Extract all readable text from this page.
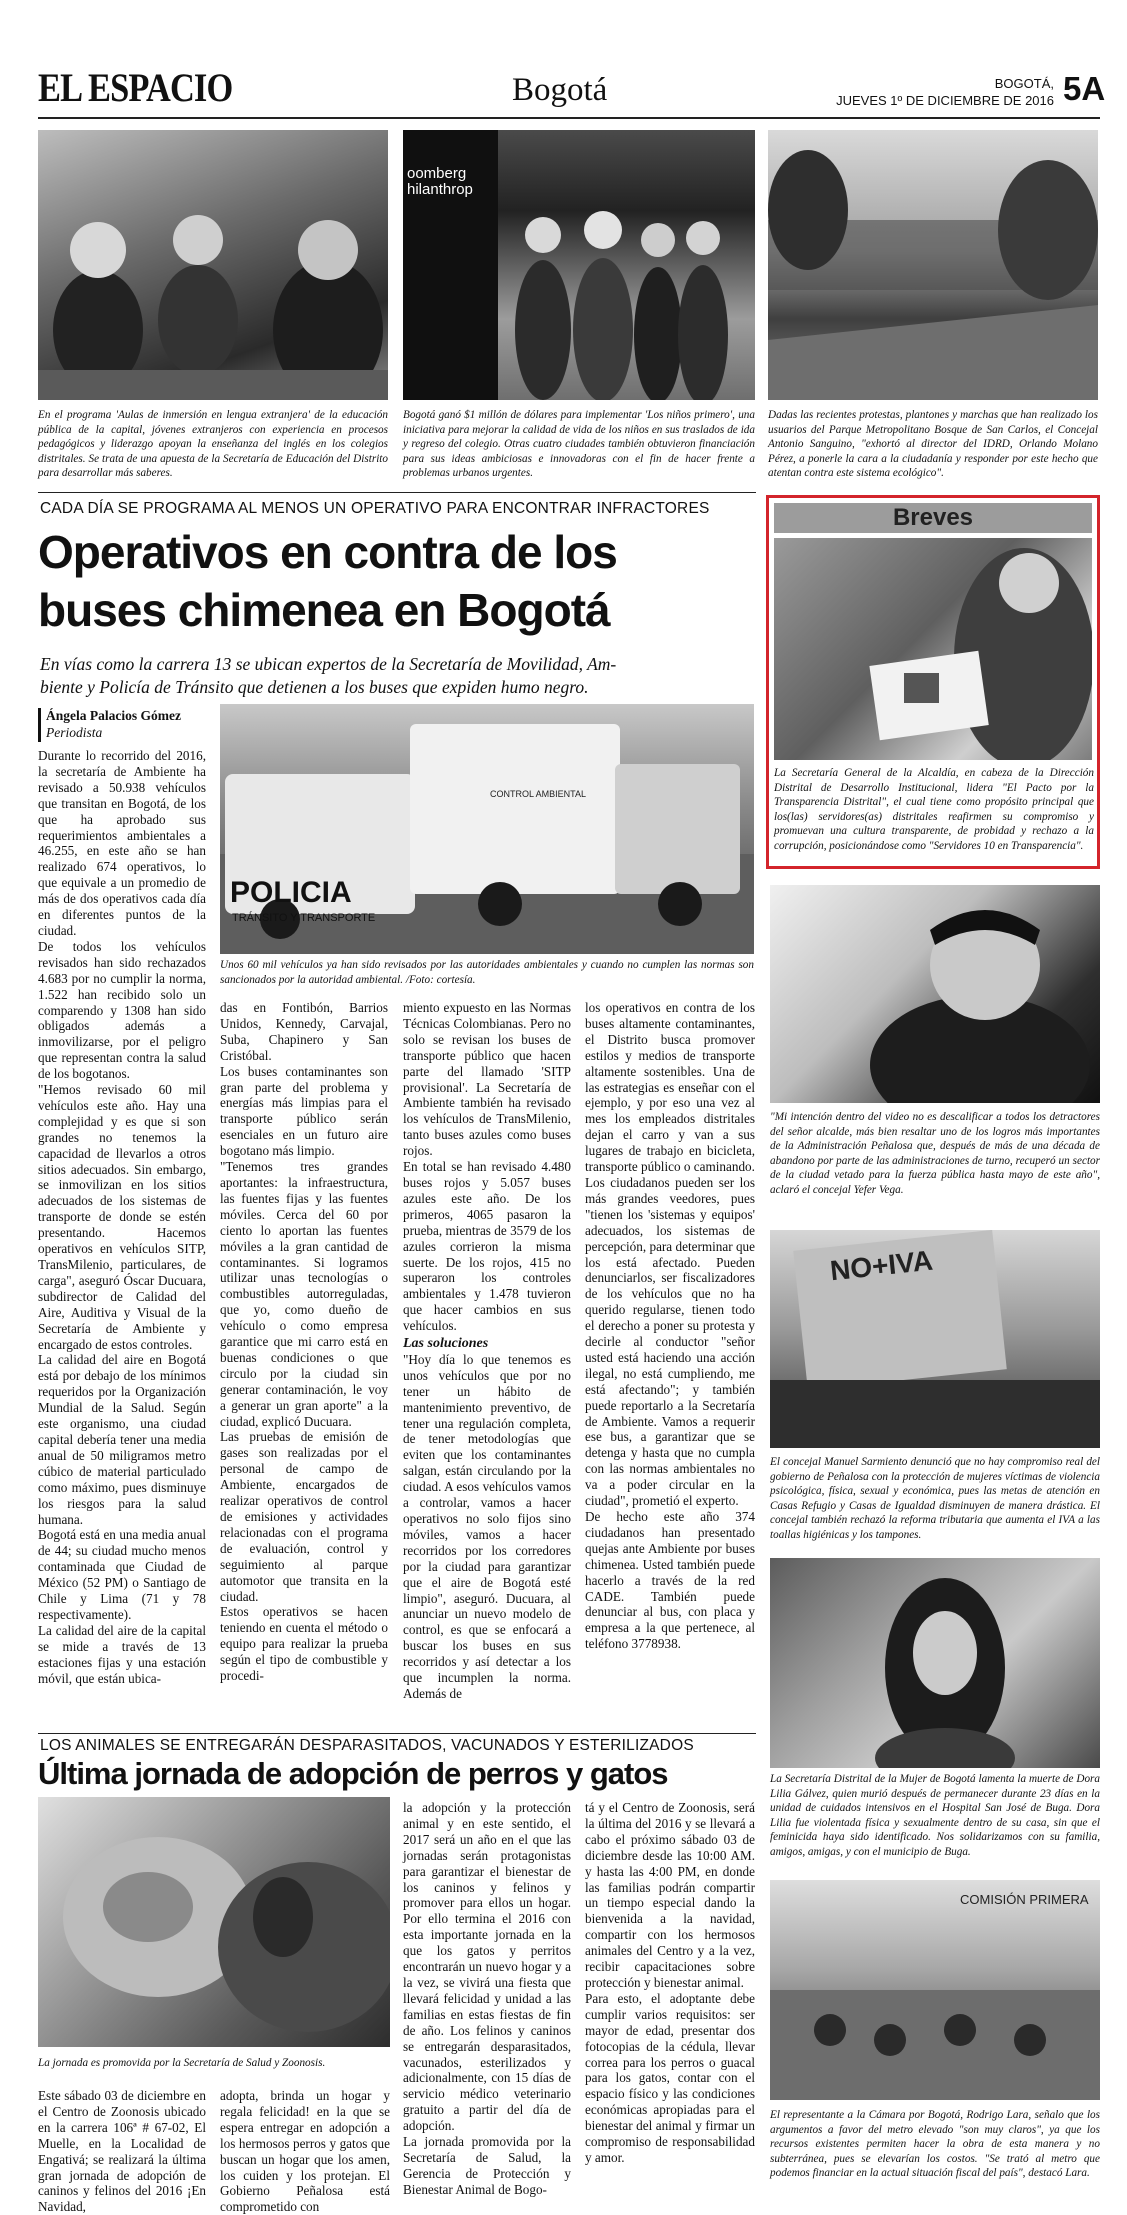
EL ESPACIO	Bogotá	BOGOTÁ,
JUEVES 1º DE DICIEMBRE DE 2016 5A
En el programa 'Aulas de inmersión en lengua extranjera' de la educación pública de la capital, jóvenes extranjeros con experiencia en procesos pedagógicos y liderazgo apoyan la enseñanza del inglés en los colegios distritales. Se trata de una apuesta de la Secretaría de Educación del Distrito para desarrollar más saberes.
oomberg
hilanthrop
Bogotá ganó $1 millón de dólares para implementar 'Los niños primero', una iniciativa para mejorar la calidad de vida de los niños en sus traslados de ida y regreso del colegio. Otras cuatro ciudades también obtuvieron financiación para sus ideas ambiciosas e innovadoras con el fin de hacer frente a problemas urbanos urgentes.
Dadas las recientes protestas, plantones y marchas que han realizado los usuarios del Parque Metropolitano Bosque de San Carlos, el Concejal Antonio Sanguino, "exhortó al director del IDRD, Orlando Molano Pérez, a ponerle la cara a la ciudadanía y responder por este hecho que atentan contra este sistema ecológico".
CADA DÍA SE PROGRAMA AL MENOS UN OPERATIVO PARA ENCONTRAR INFRACTORES
Operativos en contra de los
buses chimenea en Bogotá
En vías como la carrera 13 se ubican expertos de la Secretaría de Movilidad, Am-
biente y Policía de Tránsito que detienen a los buses que expiden humo negro.
Ángela Palacios Gómez
Periodista
POLICIA
TRÁNSITO Y TRANSPORTE
CONTROL AMBIENTAL
Unos 60 mil vehículos ya han sido revisados por las autoridades ambientales y cuando no cumplen las normas son sancionados por la autoridad ambiental. /Foto: cortesía.

Durante lo recorrido del 2016, la secretaría de Ambiente ha revisado a 50.938 vehículos que transitan en Bogotá, de los que ha aprobado sus requerimientos ambientales a 46.255, en este año se han realizado 674 operativos, lo que equivale a un promedio de más de dos operativos cada día en diferentes puntos de la ciudad.

De todos los vehículos revisados han sido rechazados 4.683 por no cumplir la norma, 1.522 han recibido solo un comparendo y 1308 han sido obligados además a inmovilizarse, por el peligro que representan contra la salud de los bogotanos.

"Hemos revisado 60 mil vehículos este año. Hay una complejidad y es que si son grandes no tenemos la capacidad de llevarlos a otros sitios adecuados. Sin embargo, se inmovilizan en los sitios adecuados de los sistemas de transporte de donde se estén presentando. Hacemos operativos en vehículos SITP, TransMilenio, particulares, de carga", aseguró Óscar Ducuara, subdirector de Calidad del Aire, Auditiva y Visual de la Secretaría de Ambiente y encargado de estos controles.

La calidad del aire en Bogotá está por debajo de los mínimos requeridos por la Organización Mundial de la Salud. Según este organismo, una ciudad capital debería tener una media anual de 50 miligramos metro cúbico de material particulado como máximo, pues disminuye los riesgos para la salud humana.

Bogotá está en una media anual de 44; su ciudad mucho menos contaminada que Ciudad de México (52 PM) o Santiago de Chile y Lima (71 y 78 respectivamente).

La calidad del aire de la capital se mide a través de 13 estaciones fijas y una estación móvil, que están ubica-

das en Fontibón, Barrios Unidos, Kennedy, Carvajal, Suba, Chapinero y San Cristóbal.

Los buses contaminantes son gran parte del problema y energías más limpias para el transporte público serán esenciales en un futuro aire bogotano más limpio.

"Tenemos tres grandes aportantes: la infraestructura, las fuentes fijas y las fuentes móviles. Cerca del 60 por ciento lo aportan las fuentes móviles a la gran cantidad de contaminantes. Si logramos utilizar unas tecnologías o combustibles autorreguladas, que yo, como dueño de vehículo o como empresa garantice que mi carro está en buenas condiciones o que circulo por la ciudad sin generar contaminación, le voy a generar un gran aporte" a la ciudad, explicó Ducuara.

Las pruebas de emisión de gases son realizadas por el personal de campo de Ambiente, encargados de realizar operativos de control de emisiones y actividades relacionadas con el programa de evaluación, control y seguimiento al parque automotor que transita en la ciudad.

Estos operativos se hacen teniendo en cuenta el método o equipo para realizar la prueba según el tipo de combustible y procedi-

miento expuesto en las Normas Técnicas Colombianas. Pero no solo se revisan los buses de transporte público que hacen parte del llamado 'SITP provisional'. La Secretaría de Ambiente también ha revisado los vehículos de TransMilenio, tanto buses azules como buses rojos.

En total se han revisado 4.480 buses rojos y 5.057 buses azules este año. De los primeros, 4065 pasaron la prueba, mientras de 3579 de los azules corrieron la misma suerte. De los rojos, 415 no superaron los controles ambientales y 1.478 tuvieron que hacer cambios en sus vehículos.

Las soluciones

"Hoy día lo que tenemos es unos vehículos que por no tener un hábito de mantenimiento preventivo, de tener una regulación completa, de tener metodologías que eviten que los contaminantes salgan, están circulando por la ciudad. A esos vehículos vamos a controlar, vamos a hacer operativos no solo fijos sino móviles, vamos a hacer recorridos por los corredores por la ciudad para garantizar que el aire de Bogotá esté limpio", aseguró. Ducuara, al anunciar un nuevo modelo de control, es que se enfocará a buscar los buses en sus recorridos y así detectar a los que incumplen la norma. Además de

los operativos en contra de los buses altamente contaminantes, el Distrito busca promover estilos y medios de transporte altamente sostenibles. Una de las estrategias es enseñar con el ejemplo, y por eso una vez al mes los empleados distritales dejan el carro y van a sus lugares de trabajo en bicicleta, transporte público o caminando.

Los ciudadanos pueden ser los más grandes veedores, pues "tienen los 'sistemas y equipos' adecuados, los sistemas de percepción, para determinar que los está afectado. Pueden denunciarlos, ser fiscalizadores de los vehículos que no ha querido regularse, tienen todo el derecho a poner su protesta y decirle al conductor "señor usted está haciendo una acción ilegal, no está cumpliendo, me está afectando"; y también puede reportarlo a la Secretaría de Ambiente. Vamos a requerir ese bus, a garantizar que se detenga y hasta que no cumpla con las normas ambientales no va a poder circular en la ciudad", prometió el experto.

De hecho este año 374 ciudadanos han presentado quejas ante Ambiente por buses chimenea. Usted también puede hacerlo a través de la red CADE. También puede denunciar al bus, con placa y empresa a la que pertenece, al teléfono 3778938.

LOS ANIMALES SE ENTREGARÁN DESPARASITADOS, VACUNADOS Y ESTERILIZADOS
Última jornada de adopción de perros y gatos
La jornada es promovida por la Secretaría de Salud y Zoonosis.

Este sábado 03 de diciembre en el Centro de Zoonosis ubicado en la carrera 106ª # 67-02, El Muelle, en la Localidad de Engativá; se realizará la última gran jornada de adopción de caninos y felinos del 2016 ¡En Navidad,

adopta, brinda un hogar y regala felicidad! en la que se espera entregar en adopción a los hermosos perros y gatos que buscan un hogar que los amen, los cuiden y los protejan. El Gobierno Peñalosa está comprometido con

la adopción y la protección animal y en este sentido, el 2017 será un año en el que las jornadas serán protagonistas para garantizar el bienestar de los caninos y felinos y promover para ellos un hogar. Por ello termina el 2016 con esta importante jornada en la que los gatos y perritos encontrarán un nuevo hogar y a la vez, se vivirá una fiesta que llevará felicidad y unidad a las familias en estas fiestas de fin de año. Los felinos y caninos se entregarán desparasitados, vacunados, esterilizados y adicionalmente, con 15 días de servicio médico veterinario gratuito a partir del día de adopción.

La jornada promovida por la Secretaría de Salud, la Gerencia de Protección y Bienestar Animal de Bogo-

tá y el Centro de Zoonosis, será la última del 2016 y se llevará a cabo el próximo sábado 03 de diciembre desde las 10:00 AM. y hasta las 4:00 PM, en donde las familias podrán compartir un tiempo especial dando la bienvenida a la navidad, compartir con los hermosos animales del Centro y a la vez, recibir capacitaciones sobre protección y bienestar animal.

Para esto, el adoptante debe cumplir varios requisitos: ser mayor de edad, presentar dos fotocopias de la cédula, llevar correa para los perros o guacal para los gatos, contar con el espacio físico y las condiciones económicas apropiadas para el bienestar del animal y firmar un compromiso de responsabilidad y amor.

Breves
La Secretaría General de la Alcaldía, en cabeza de la Dirección Distrital de Desarrollo Institucional, lidera "El Pacto por la Transparencia Distrital", el cual tiene como propósito principal que los(las) servidores(as) distritales reafirmen su compromiso y promuevan una cultura transparente, de probidad y rechazo a la corrupción, posicionándose como "Servidores 10 en Transparencia".
"Mi intención dentro del video no es descalificar a todos los detractores del señor alcalde, más bien resaltar uno de los logros más importantes de la Administración Peñalosa que, después de más de una década de abandono por parte de las administraciones de turno, recuperó un sector de la ciudad vetado para la fuerza pública hasta mayo de este año", aclaró el concejal Yefer Vega.
NO+IVA
El concejal Manuel Sarmiento denunció que no hay compromiso real del gobierno de Peñalosa con la protección de mujeres víctimas de violencia psicológica, física, sexual y económica, pues las metas de atención en Casas Refugio y Casas de Igualdad disminuyen de manera drástica. El concejal también rechazó la reforma tributaria que aumenta el IVA a las toallas higiénicas y los tampones.
La Secretaría Distrital de la Mujer de Bogotá lamenta la muerte de Dora Lilia Gálvez, quien murió después de permanecer durante 23 días en la unidad de cuidados intensivos en el Hospital San José de Buga. Dora Lilia fue violentada física y sexualmente dentro de su casa, sin que el feminicida haya sido identificado. Nos solidarizamos con su familia, amigos, amigas, y con el municipio de Buga.
COMISIÓN PRIMERA
El representante a la Cámara por Bogotá, Rodrigo Lara, señalo que los argumentos a favor del metro elevado "son muy claros", ya que los recursos existentes permiten hacer la obra de esta manera y no subterránea, pues se elevarían los costos. "Se trató al metro que podemos financiar en la actual situación fiscal del país", destacó Lara.
